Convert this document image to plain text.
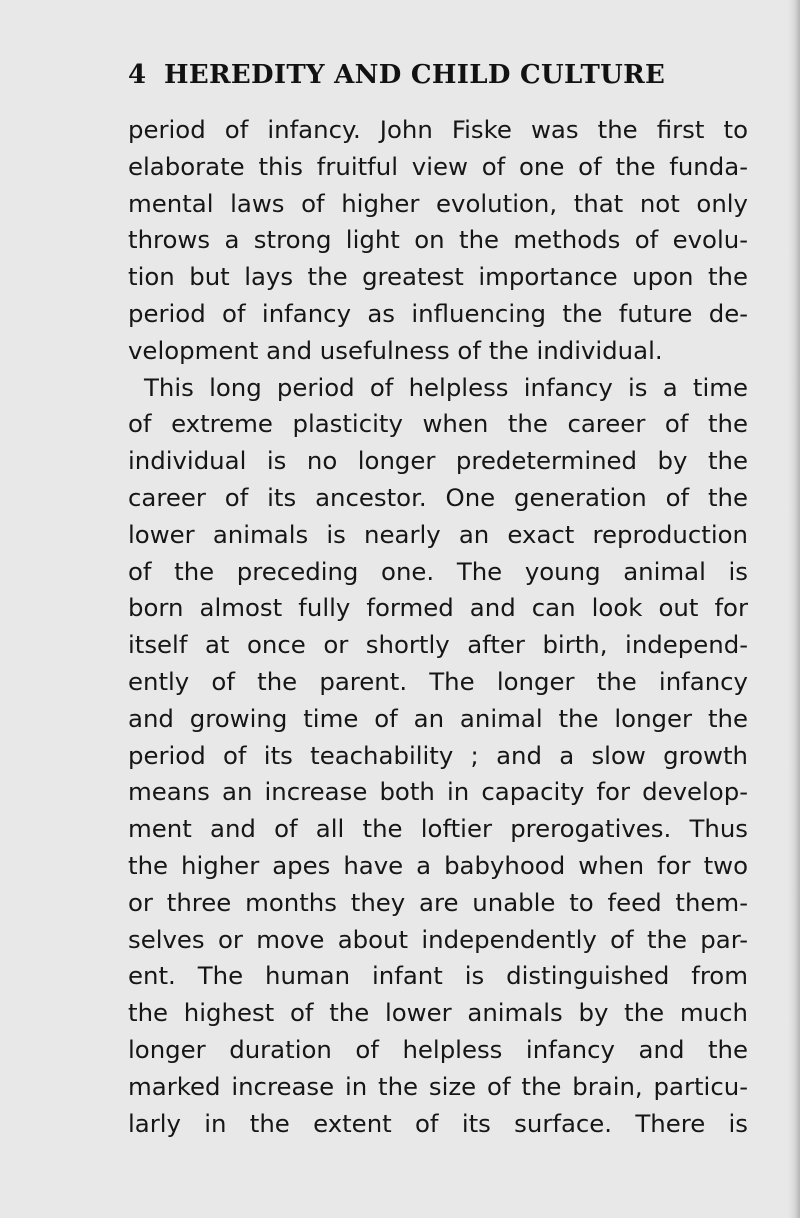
4 HEREDITY AND CHILD CULTURE
period of infancy. John Fiske was the first to
elaborate this fruitful view of one of the funda-
mental laws of higher evolution, that not only
throws a strong light on the methods of evolu-
tion but lays the greatest importance upon the
period of infancy as influencing the future de-
velopment and usefulness of the individual.
This long period of helpless infancy is a time
of extreme plasticity when the career of the
individual is no longer predetermined by the
career of its ancestor. One generation of the
lower animals is nearly an exact reproduction
of the preceding one. The young animal is
born almost fully formed and can look out for
itself at once or shortly after birth, independ-
ently of the parent. The longer the infancy
and growing time of an animal the longer the
period of its teachability ; and a slow growth
means an increase both in capacity for develop-
ment and of all the loftier prerogatives. Thus
the higher apes have a babyhood when for two
or three months they are unable to feed them-
selves or move about independently of the par-
ent. The human infant is distinguished from
the highest of the lower animals by the much
longer duration of helpless infancy and the
marked increase in the size of the brain, particu-
larly in the extent of its surface. There is
